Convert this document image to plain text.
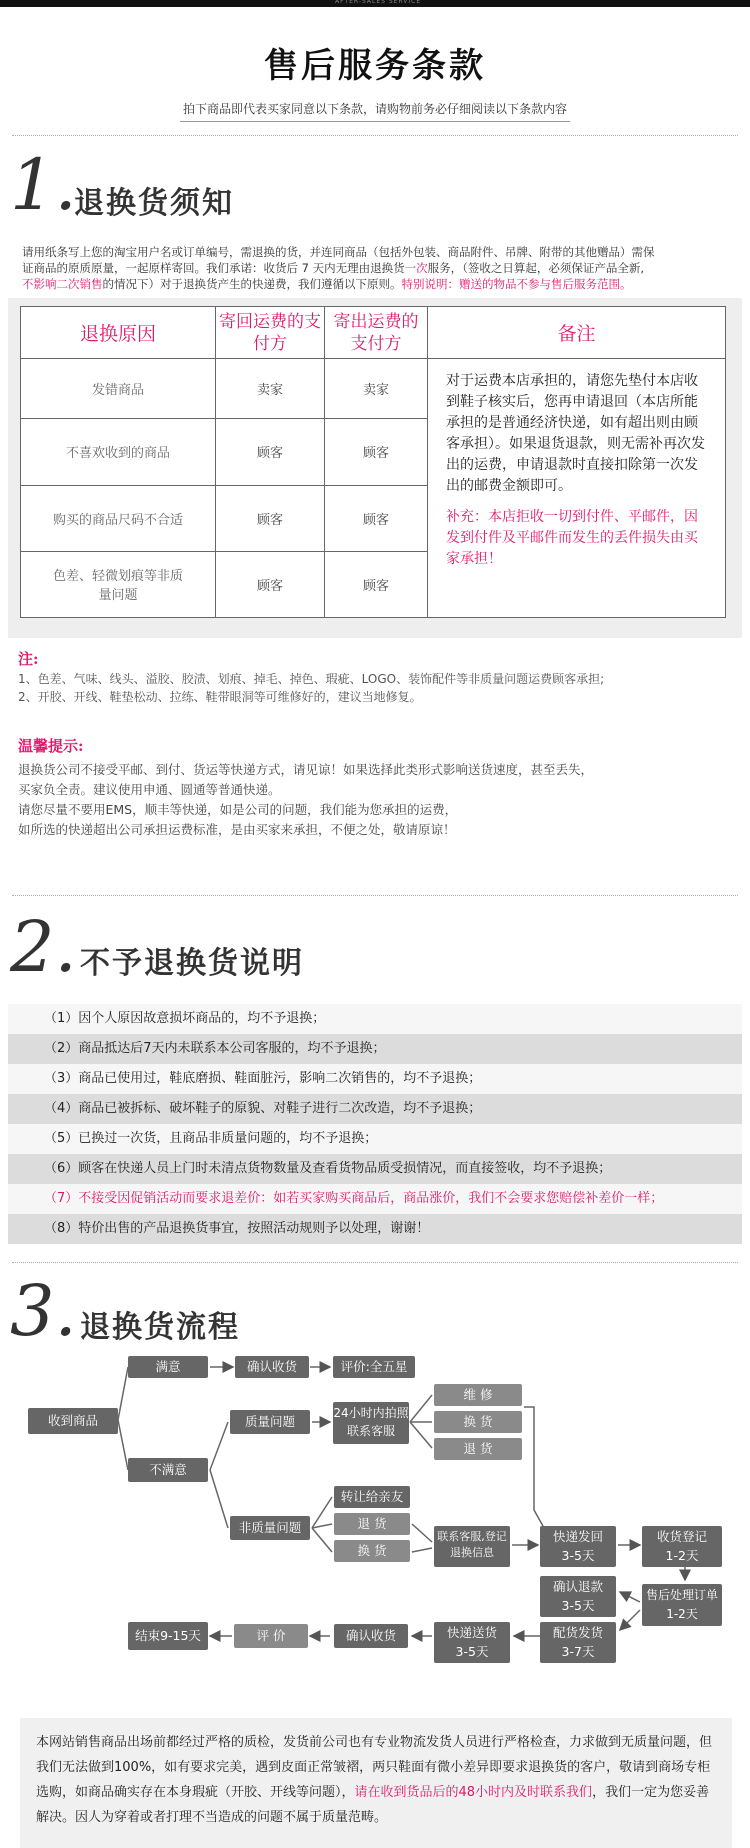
AFTER-SALES SERVICE
售后服务条款
拍下商品即代表买家同意以下条款，请购物前务必仔细阅读以下条款内容
1.
退换货须知
请用纸条写上您的淘宝用户名或订单编号，需退换的货，并连同商品（包括外包装、商品附件、吊牌、附带的其他赠品）需保
证商品的原质原量，一起原样寄回。我们承诺：收货后 7 天内无理由退换货一次服务，（签收之日算起，必须保证产品全新,
不影响二次销售的情况下）对于退换货产生的快递费，我们遵循以下原则。特别说明：赠送的物品不参与售后服务范围。
退换原因	寄回运费的支付方	寄出运费的支付方	备注
发错商品	卖家	卖家	对于运费本店承担的，请您先垫付本店收到鞋子核实后，您再申请退回（本店所能承担的是普通经济快递，如有超出则由顾客承担）。如果退货退款，则无需补再次发出的运费，申请退款时直接扣除第一次发出的邮费金额即可。
补充：本店拒收一切到付件、平邮件，因发到付件及平邮件而发生的丢件损失由买家承担！

不喜欢收到的商品	顾客	顾客	
购买的商品尺码不合适	顾客	顾客	
色差、轻微划痕等非质量问题	顾客	顾客	
注:
1、色差、气味、线头、溢胶、胶渍、划痕、掉毛、掉色、瑕疵、LOGO、装饰配件等非质量问题运费顾客承担;
2、开胶、开线、鞋垫松动、拉练、鞋带眼洞等可维修好的，建议当地修复。
温馨提示:
退换货公司不接受平邮、到付、货运等快递方式，请见谅！如果选择此类形式影响送货速度，甚至丢失，
买家负全责。建议使用申通、圆通等普通快递。
请您尽量不要用EMS，顺丰等快递，如是公司的问题，我们能为您承担的运费，
如所选的快递超出公司承担运费标准，是由买家来承担，不便之处，敬请原谅！
2. 不予退换货说明
（1）因个人原因故意损坏商品的，均不予退换；
（2）商品抵达后7天内未联系本公司客服的，均不予退换；
（3）商品已使用过，鞋底磨损、鞋面脏污，影响二次销售的，均不予退换；
（4）商品已被拆标、破坏鞋子的原貌、对鞋子进行二次改造，均不予退换；
（5）已换过一次货，且商品非质量问题的，均不予退换；
（6）顾客在快递人员上门时未清点货物数量及查看货物品质受损情况，而直接签收，均不予退换；
（7）不接受因促销活动而要求退差价：如若买家购买商品后，商品涨价，我们不会要求您赔偿补差价一样；
（8）特价出售的产品退换货事宜，按照活动规则予以处理，谢谢！
3. 退换货流程
收到商品
满意	确认收货	评价:全五星
不满意
质量问题
24小时内拍照联系客服
维 修
换 货
退 货
非质量问题
转让给亲友
退 货
换 货
联系客服,登记退换信息
快递发回
3-5天
收货登记
1-2天
确认退款
3-5天
售后处理订单1-2天
配货发货
3-7天
快递送货
3-5天
确认收货
评 价
结束9-15天

本网站销售商品出场前都经过严格的质检，发货前公司也有专业物流发货人员进行严格检查，力求做到无质量问题，但我们无法做到100%，如有要求完美，遇到皮面正常皱褶，两只鞋面有微小差异即要求退换货的客户，敬请到商场专柜选购，如商品确实存在本身瑕疵（开胶、开线等问题），请在收到货品后的48小时内及时联系我们，我们一定为您妥善解决。因人为穿着或者打理不当造成的问题不属于质量范畴。
